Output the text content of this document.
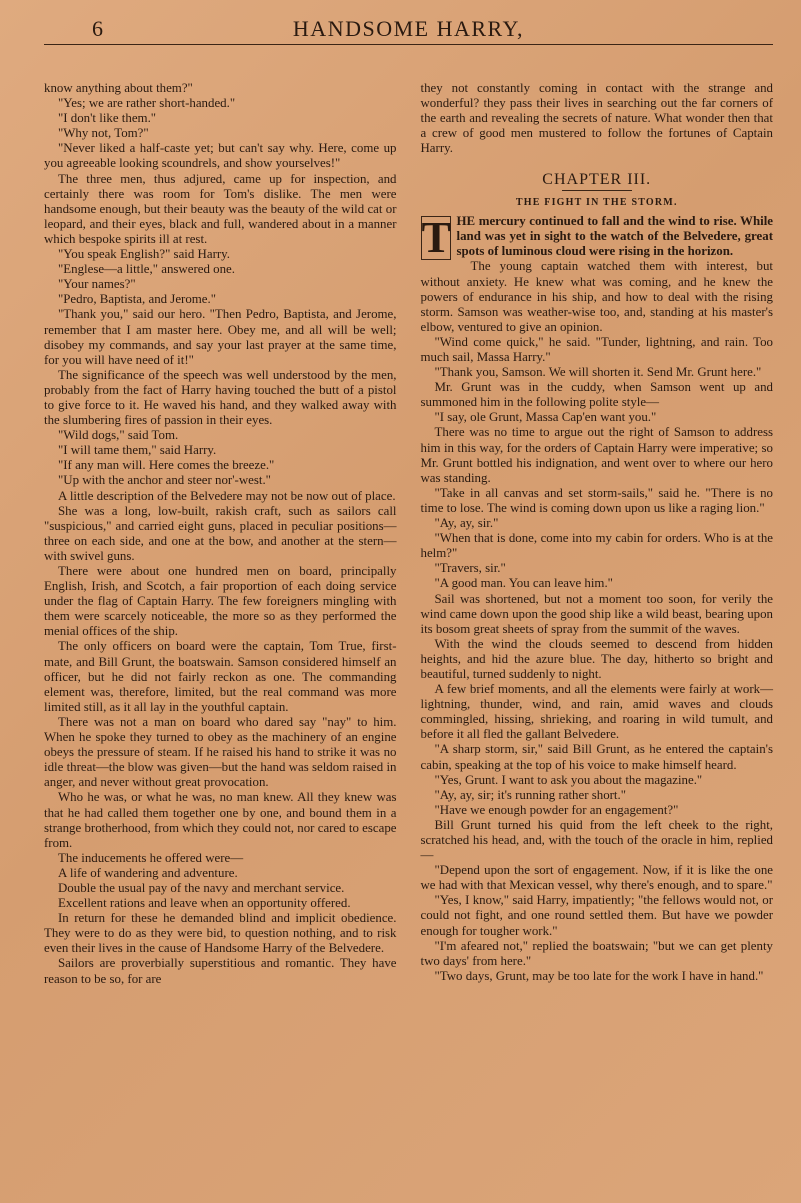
6	HANDSOME HARRY,

know anything about them?"

"Yes; we are rather short-handed."

"I don't like them."

"Why not, Tom?"

"Never liked a half-caste yet; but can't say why. Here, come up you agreeable looking scoundrels, and show yourselves!"

The three men, thus adjured, came up for inspection, and certainly there was room for Tom's dislike. The men were handsome enough, but their beauty was the beauty of the wild cat or leopard, and their eyes, black and full, wandered about in a manner which bespoke spirits ill at rest.

"You speak English?" said Harry.

"Englese—a little," answered one.

"Your names?"

"Pedro, Baptista, and Jerome."

"Thank you," said our hero. "Then Pedro, Baptista, and Jerome, remember that I am master here. Obey me, and all will be well; disobey my commands, and say your last prayer at the same time, for you will have need of it!"

The significance of the speech was well understood by the men, probably from the fact of Harry having touched the butt of a pistol to give force to it. He waved his hand, and they walked away with the slumbering fires of passion in their eyes.

"Wild dogs," said Tom.

"I will tame them," said Harry.

"If any man will. Here comes the breeze."

"Up with the anchor and steer nor'-west."

A little description of the Belvedere may not be now out of place.

She was a long, low-built, rakish craft, such as sailors call "suspicious," and carried eight guns, placed in peculiar positions—three on each side, and one at the bow, and another at the stern—with swivel guns.

There were about one hundred men on board, principally English, Irish, and Scotch, a fair proportion of each doing service under the flag of Captain Harry. The few foreigners mingling with them were scarcely noticeable, the more so as they performed the menial offices of the ship.

The only officers on board were the captain, Tom True, first-mate, and Bill Grunt, the boatswain. Samson considered himself an officer, but he did not fairly reckon as one. The commanding element was, therefore, limited, but the real command was more limited still, as it all lay in the youthful captain.

There was not a man on board who dared say "nay" to him. When he spoke they turned to obey as the machinery of an engine obeys the pressure of steam. If he raised his hand to strike it was no idle threat—the blow was given—but the hand was seldom raised in anger, and never without great provocation.

Who he was, or what he was, no man knew. All they knew was that he had called them together one by one, and bound them in a strange brotherhood, from which they could not, nor cared to escape from.

The inducements he offered were—

A life of wandering and adventure.

Double the usual pay of the navy and merchant service.

Excellent rations and leave when an opportunity offered.

In return for these he demanded blind and implicit obedience. They were to do as they were bid, to question nothing, and to risk even their lives in the cause of Handsome Harry of the Belvedere.

Sailors are proverbially superstitious and romantic. They have reason to be so, for are

they not constantly coming in contact with the strange and wonderful? they pass their lives in searching out the far corners of the earth and revealing the secrets of nature. What wonder then that a crew of good men mustered to follow the fortunes of Captain Harry.

CHAPTER III.
THE FIGHT IN THE STORM.

T HE mercury continued to fall and the wind to rise. While land was yet in sight to the watch of the Belvedere, great spots of luminous cloud were rising in the horizon.

The young captain watched them with interest, but without anxiety. He knew what was coming, and he knew the powers of endurance in his ship, and how to deal with the rising storm. Samson was weather-wise too, and, standing at his master's elbow, ventured to give an opinion.

"Wind come quick," he said. "Tunder, lightning, and rain. Too much sail, Massa Harry."

"Thank you, Samson. We will shorten it. Send Mr. Grunt here."

Mr. Grunt was in the cuddy, when Samson went up and summoned him in the following polite style—

"I say, ole Grunt, Massa Cap'en want you."

There was no time to argue out the right of Samson to address him in this way, for the orders of Captain Harry were imperative; so Mr. Grunt bottled his indignation, and went over to where our hero was standing.

"Take in all canvas and set storm-sails," said he. "There is no time to lose. The wind is coming down upon us like a raging lion."

"Ay, ay, sir."

"When that is done, come into my cabin for orders. Who is at the helm?"

"Travers, sir."

"A good man. You can leave him."

Sail was shortened, but not a moment too soon, for verily the wind came down upon the good ship like a wild beast, bearing upon its bosom great sheets of spray from the summit of the waves.

With the wind the clouds seemed to descend from hidden heights, and hid the azure blue. The day, hitherto so bright and beautiful, turned suddenly to night.

A few brief moments, and all the elements were fairly at work—lightning, thunder, wind, and rain, amid waves and clouds commingled, hissing, shrieking, and roaring in wild tumult, and before it all fled the gallant Belvedere.

"A sharp storm, sir," said Bill Grunt, as he entered the captain's cabin, speaking at the top of his voice to make himself heard.

"Yes, Grunt. I want to ask you about the magazine."

"Ay, ay, sir; it's running rather short."

"Have we enough powder for an engagement?"

Bill Grunt turned his quid from the left cheek to the right, scratched his head, and, with the touch of the oracle in him, replied—

"Depend upon the sort of engagement. Now, if it is like the one we had with that Mexican vessel, why there's enough, and to spare."

"Yes, I know," said Harry, impatiently; "the fellows would not, or could not fight, and one round settled them. But have we powder enough for tougher work."

"I'm afeared not," replied the boatswain; "but we can get plenty two days' from here."

"Two days, Grunt, may be too late for the work I have in hand."
